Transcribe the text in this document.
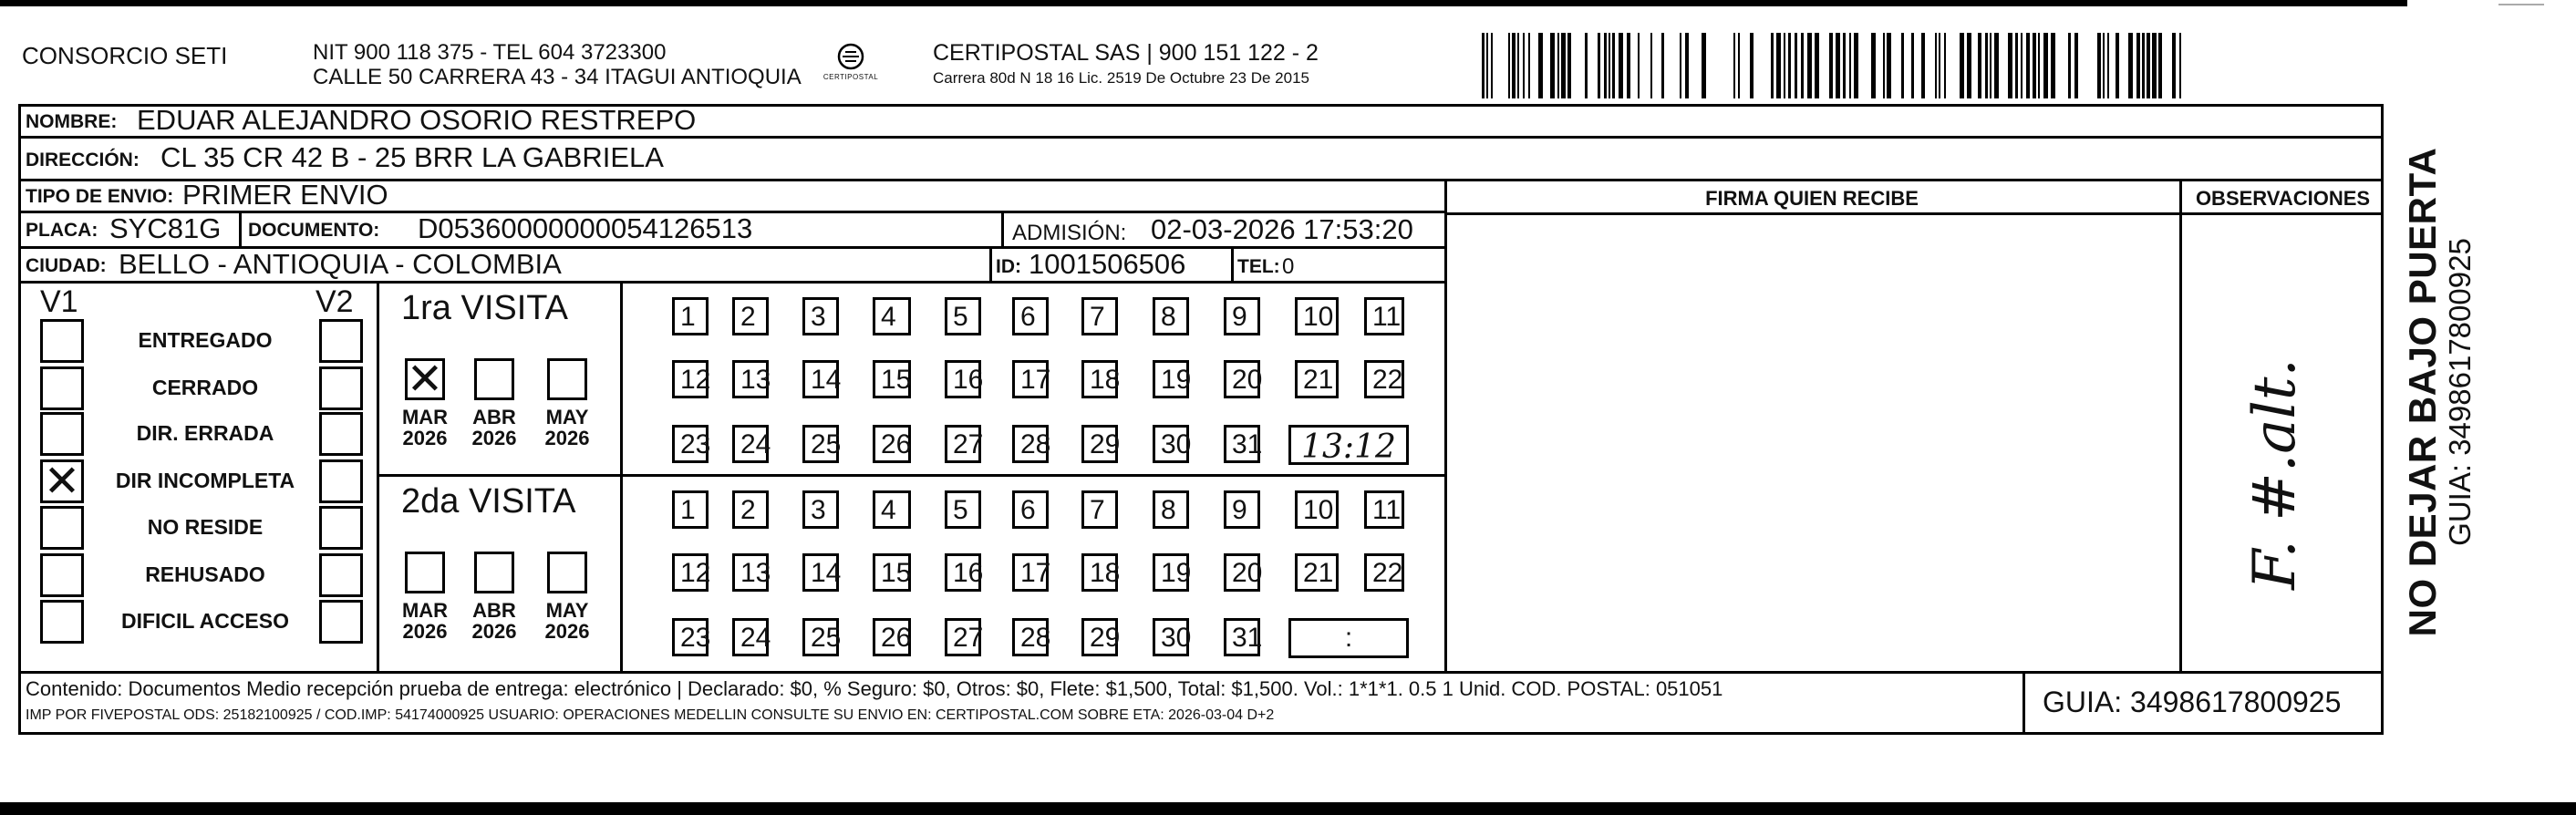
CONSORCIO SETI	NIT 900 118 375 - TEL 604 3723300
CALLE 50 CARRERA 43 - 34 ITAGUI ANTIOQUIA	CERTIPOSTAL
CERTIPOSTAL SAS | 900 151 122 - 2
Carrera 80d N 18 16 Lic. 2519 De Octubre 23 De 2015
NOMBRE: EDUAR ALEJANDRO OSORIO RESTREPO
DIRECCIÓN: CL 35 CR 42 B - 25 BRR LA GABRIELA
TIPO DE ENVIO: PRIMER ENVIO	FIRMA QUIEN RECIBE	OBSERVACIONES
PLACA: SYC81G DOCUMENTO: D05360000000054126513	ADMISIÓN: 02-03-2026 17:53:20
CIUDAD: BELLO - ANTIOQUIA - COLOMBIA	ID: 1001506506	TEL: 0
V1	V2
ENTREGADO
CERRADO
DIR. ERRADA
✕ DIR INCOMPLETA
NO RESIDE
REHUSADO
DIFICIL ACCESO
1ra VISITA
2da VISITA
✕
MAR
2026
ABR
2026
MAY
2026
1	2	3	4	5	6	7	8	9	10	11
12	13	14	15	16	17	18	19	20	21	22
23	24	25	26	27	28	29	30	31	13:12
MAR
2026
ABR
2026
MAY
2026
1	2	3	4	5	6	7	8	9	10	11
12	13	14	15	16	17	18	19	20	21	22
23	24	25	26	27	28	29	30	31	:
F. #.alt.
Contenido: Documentos Medio recepción prueba de entrega: electrónico | Declarado: $0, % Seguro: $0, Otros: $0, Flete: $1,500, Total: $1,500. Vol.: 1*1*1. 0.5 1 Unid. COD. POSTAL: 051051
IMP POR FIVEPOSTAL ODS: 25182100925 / COD.IMP: 54174000925 USUARIO: OPERACIONES MEDELLIN CONSULTE SU ENVIO EN: CERTIPOSTAL.COM SOBRE ETA: 2026-03-04 D+2	GUIA: 3498617800925
NO DEJAR BAJO PUERTA GUIA: 3498617800925
